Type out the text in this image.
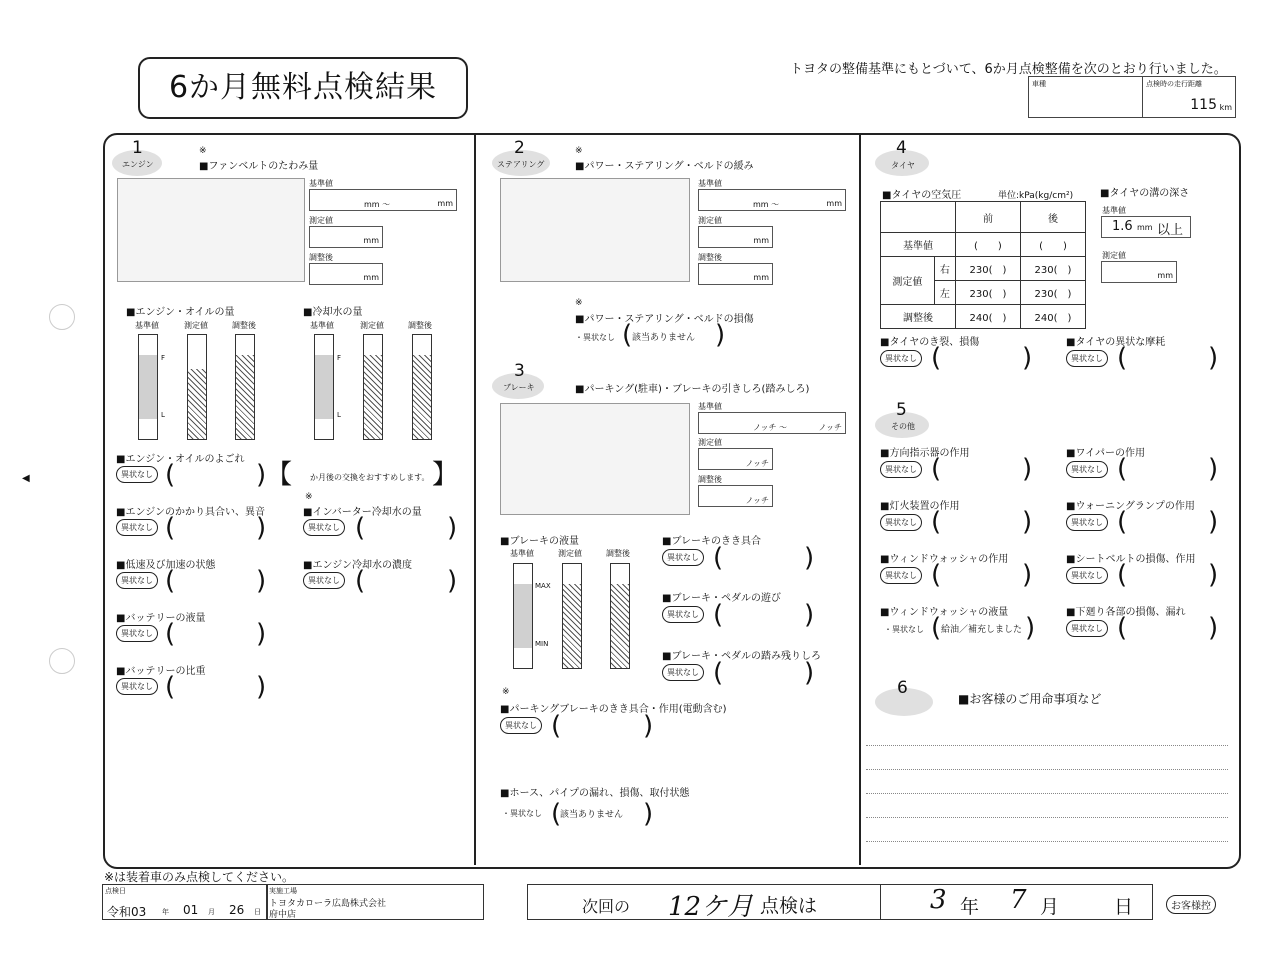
◀
6か月無料点検結果
トヨタの整備基準にもとづいて、6か月点検整備を次のとおり行いました。
車種	点検時の走行距離
115 km
1
エンジン
※
■ファンベルトのたわみ量
基準値
mm 〜	mm
測定値
mm
調整後
mm
■エンジン・オイルの量
基準値	測定値	調整後
F
L
■冷却水の量
基準値	測定値	調整後
F
L
■エンジン・オイルのよごれ
異状なし (	)【 か月後の交換をおすすめします。 】
■エンジンのかかり具合い、異音
異状なし (	)
※
■インバーター冷却水の量
異状なし (	)
■低速及び加速の状態
異状なし (	)
■エンジン冷却水の濃度
異状なし (	)
■バッテリーの液量
異状なし (	)
■バッテリーの比重
異状なし (	)
2
ステアリング
※
■パワー・ステアリング・ベルドの緩み
基準値
mm 〜	mm
測定値
mm
調整後
mm
※
■パワー・ステアリング・ベルドの損傷
・異状なし ( 該当ありません )
3
ブレーキ	■パーキング(駐車)・ブレーキの引きしろ(踏みしろ)
基準値
ノッチ 〜	ノッチ
測定値
ノッチ
調整後
ノッチ
■ブレーキの液量
基準値	測定値	調整後
MAX
MIN
■ブレーキのきき具合
異状なし (	)
■ブレーキ・ペダルの遊び
異状なし (	)
■ブレーキ・ペダルの踏み残りしろ
異状なし (	)
※
■パーキングブレーキのきき具合・作用(電動含む)
異状なし (	)
■ホース、パイプの漏れ、損傷、取付状態
・異状なし (
該当ありません )
4
タイヤ
■タイヤの空気圧	単位:kPa(kg/cm²)
		前	後
基準値		(　　)	(　　)
測定値	右	230(　)	230(　)
	左	230(　)	230(　)
調整後		240(　)	240(　)
■タイヤの溝の深さ
基準値
1.6 mm 以上
測定値
mm
■タイヤのき裂、損傷
異状なし (	)
■タイヤの異状な摩耗
異状なし (	)
5
その他
■方向指示器の作用
異状なし (	)
■ワイパーの作用
異状なし (	)
■灯火装置の作用
異状なし (	)
■ウォーニングランプの作用
異状なし (	)
■ウィンドウォッシャの作用
異状なし (	)
■シートベルトの損傷、作用
異状なし (	)
■ウィンドウォッシャの液量
・異状なし ( 給油／補充しました )
■下廻り各部の損傷、漏れ
異状なし (	)
6
■お客様のご用命事項など
※は装着車のみ点検してください。
点検日
令和03 年 01 月 26 日
実施工場
トヨタカローラ広島株式会社
府中店	次回の 12ケ月 点検は	3 年 7 月	日	お客様控
